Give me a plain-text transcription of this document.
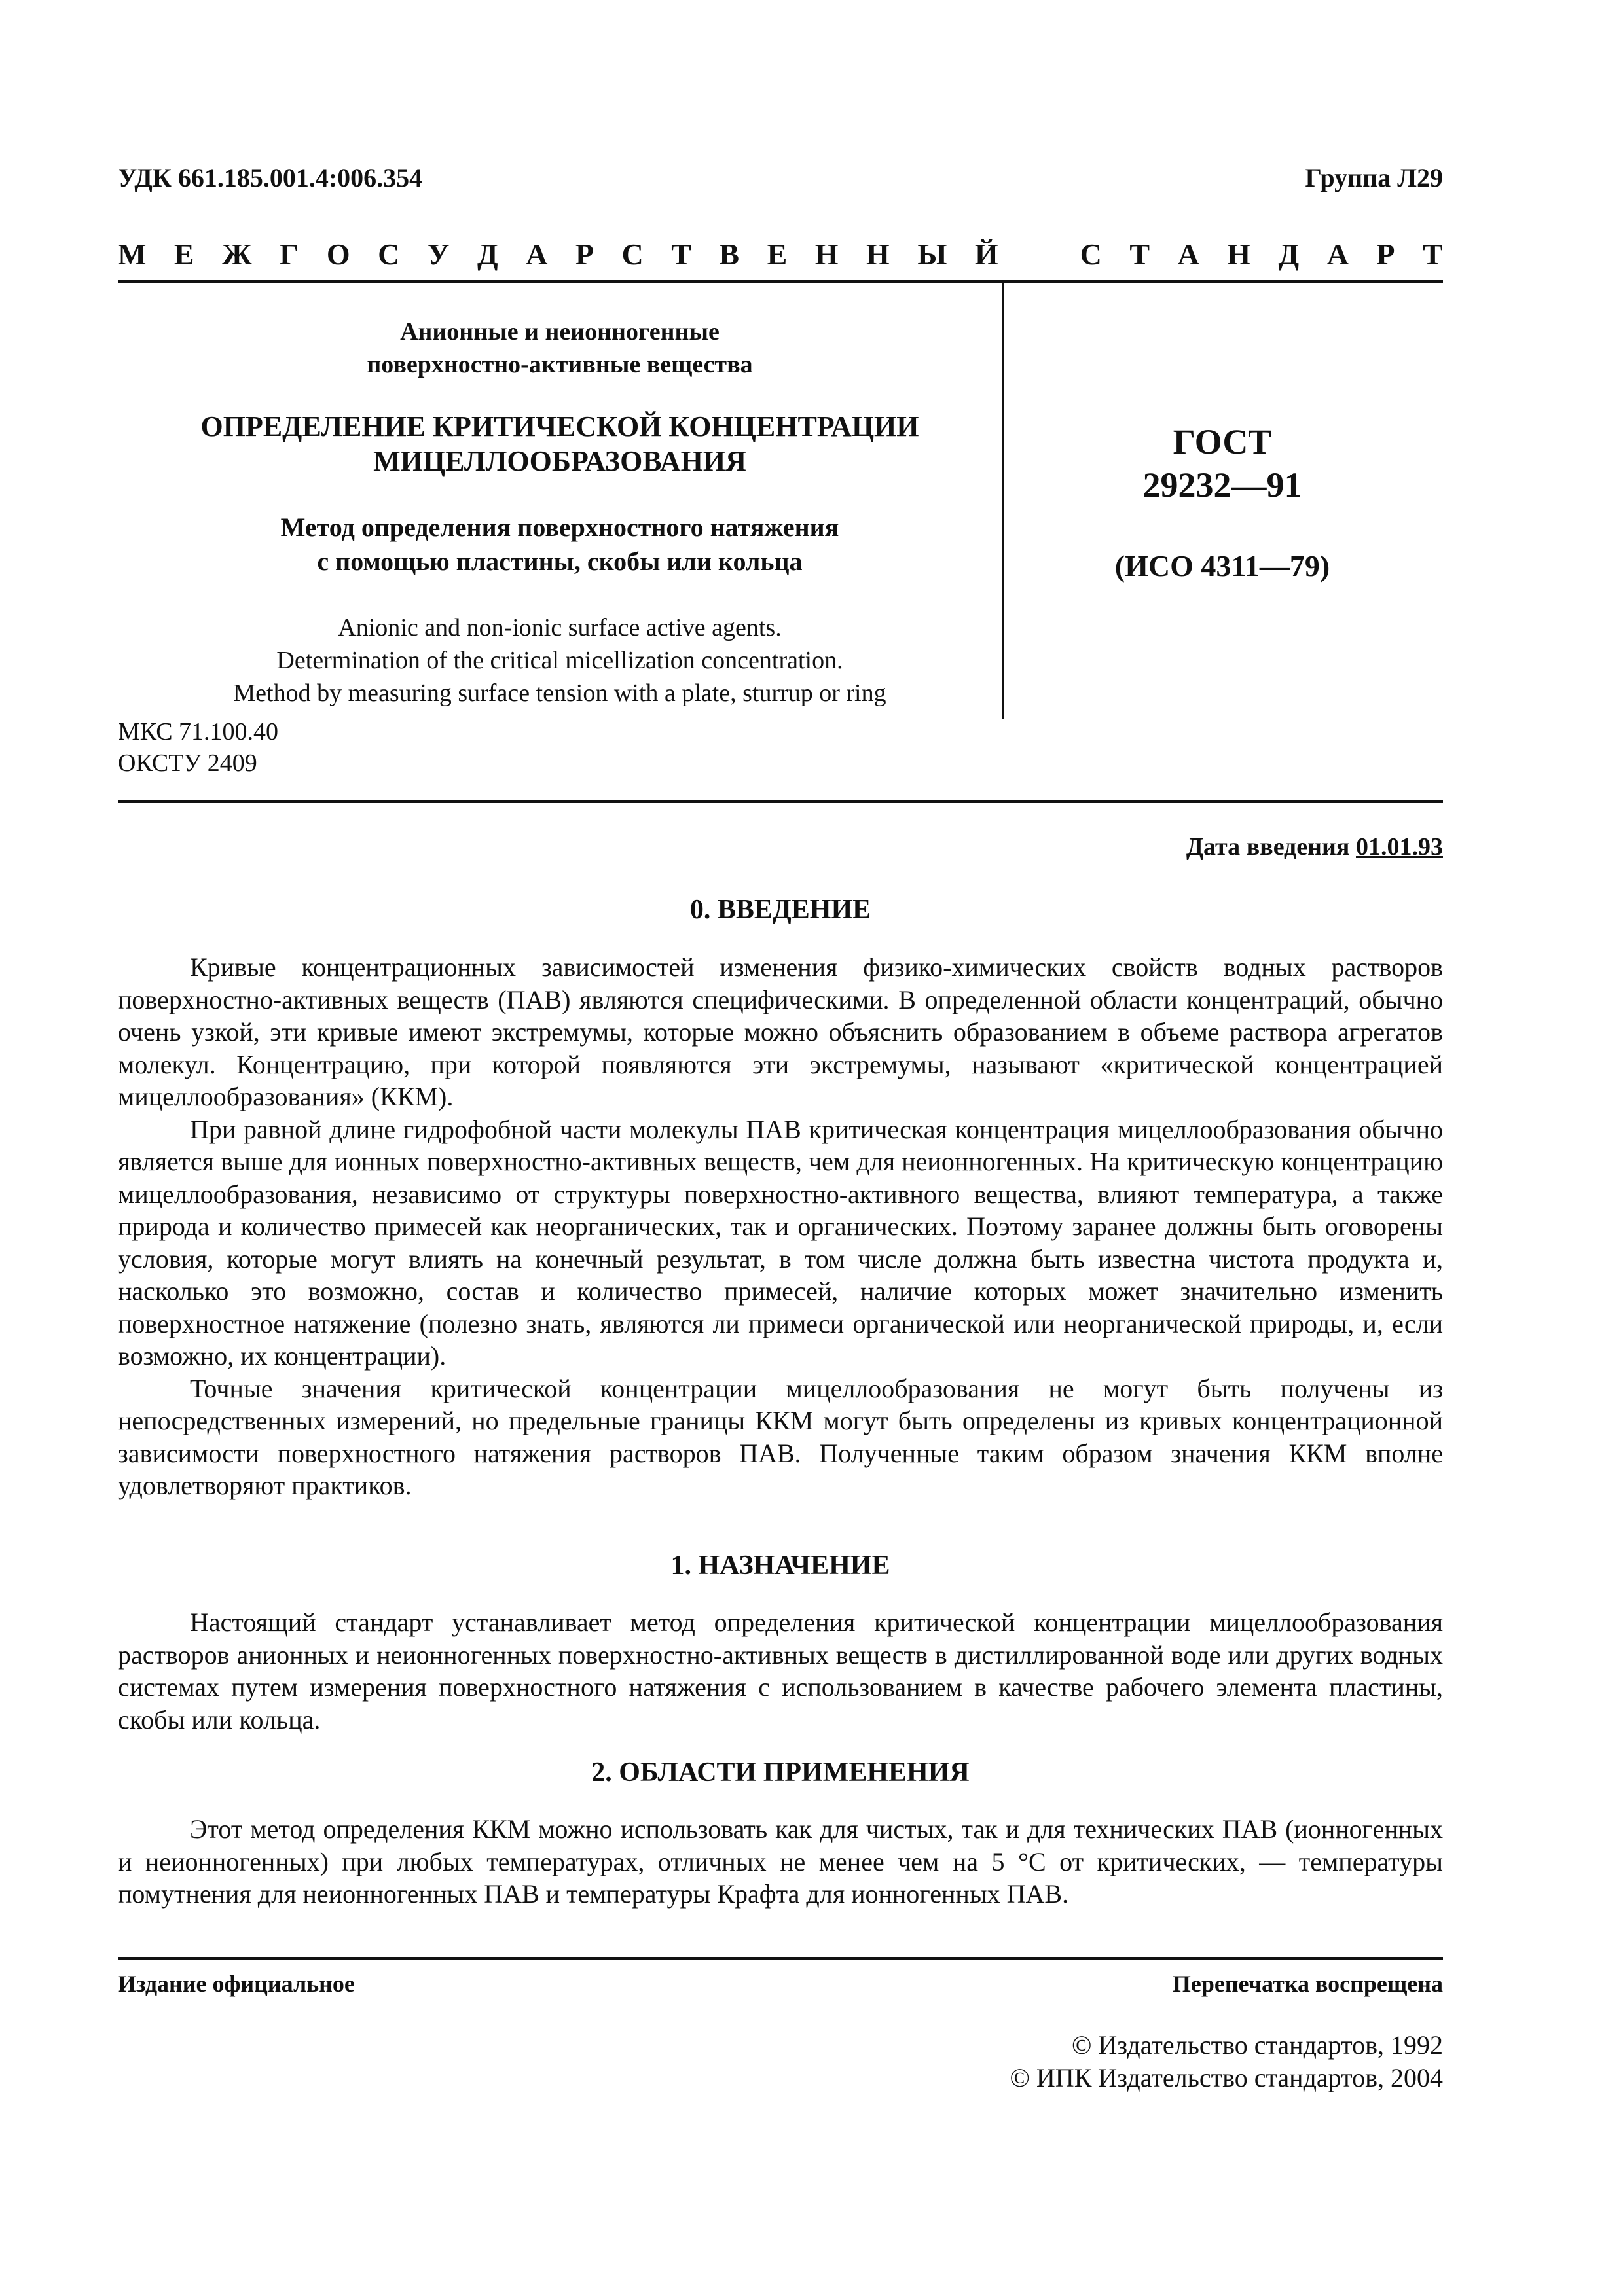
УДК 661.185.001.4:006.354	Группа Л29
М Е Ж Г О С У Д А Р С Т В Е Н Н Ы Й	С Т А Н Д А Р Т
Анионные и неионногенные
поверхностно-активные вещества
ОПРЕДЕЛЕНИЕ КРИТИЧЕСКОЙ КОНЦЕНТРАЦИИ
МИЦЕЛЛООБРАЗОВАНИЯ
Метод определения поверхностного натяжения
с помощью пластины, скобы или кольца
Anionic and non-ionic surface active agents.
Determination of the critical micellization concentration.
Method by measuring surface tension with a plate, sturrup or ring
ГОСТ
29232—91
(ИСО 4311—79)
МКС 71.100.40
ОКСТУ 2409
Дата введения 01.01.93
0. ВВЕДЕНИЕ

Кривые концентрационных зависимостей изменения физико-химических свойств водных растворов поверхностно-активных веществ (ПАВ) являются специфическими. В определенной области концентраций, обычно очень узкой, эти кривые имеют экстремумы, которые можно объяснить образованием в объеме раствора агрегатов молекул. Концентрацию, при которой появляются эти экстремумы, называют «критической концентрацией мицеллообразования» (ККМ).

При равной длине гидрофобной части молекулы ПАВ критическая концентрация мицеллообразования обычно является выше для ионных поверхностно-активных веществ, чем для неионногенных. На критическую концентрацию мицеллообразования, независимо от структуры поверхностно-активного вещества, влияют температура, а также природа и количество примесей как неорганических, так и органических. Поэтому заранее должны быть оговорены условия, которые могут влиять на конечный результат, в том числе должна быть известна чистота продукта и, насколько это возможно, состав и количество примесей, наличие которых может значительно изменить поверхностное натяжение (полезно знать, являются ли примеси органической или неорганической природы, и, если возможно, их концентрации).

Точные значения критической концентрации мицеллообразования не могут быть получены из непосредственных измерений, но предельные границы ККМ могут быть определены из кривых концентрационной зависимости поверхностного натяжения растворов ПАВ. Полученные таким образом значения ККМ вполне удовлетворяют практиков.

1. НАЗНАЧЕНИЕ

Настоящий стандарт устанавливает метод определения критической концентрации мицеллообразования растворов анионных и неионногенных поверхностно-активных веществ в дистиллированной воде или других водных системах путем измерения поверхностного натяжения с использованием в качестве рабочего элемента пластины, скобы или кольца.

2. ОБЛАСТИ ПРИМЕНЕНИЯ

Этот метод определения ККМ можно использовать как для чистых, так и для технических ПАВ (ионногенных и неионногенных) при любых температурах, отличных не менее чем на 5 °С от критических, — температуры помутнения для неионногенных ПАВ и температуры Крафта для ионногенных ПАВ.

Издание официальное	Перепечатка воспрещена
© Издательство стандартов, 1992
© ИПК Издательство стандартов, 2004
